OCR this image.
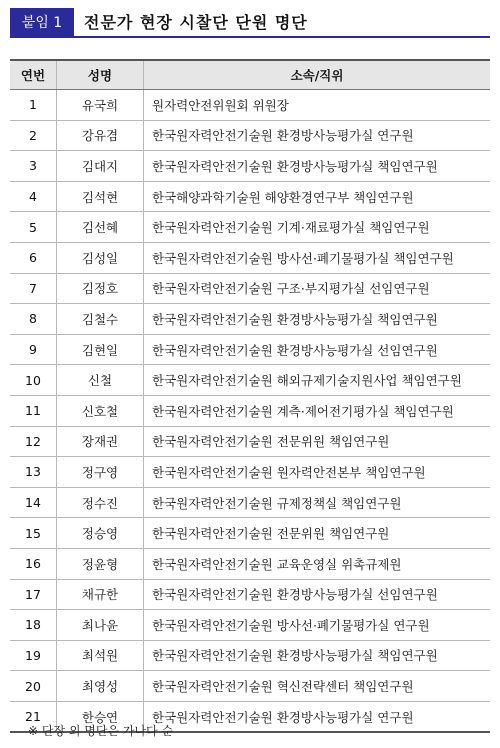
붙임 1	전문가 현장 시찰단 단원 명단
연번	성명	소속/직위
1	유국희	원자력안전위원회 위원장
2	강유겸	한국원자력안전기술원 환경방사능평가실 연구원
3	김대지	한국원자력안전기술원 환경방사능평가실 책임연구원
4	김석현	한국해양과학기술원 해양환경연구부 책임연구원
5	김선혜	한국원자력안전기술원 기계·재료평가실 책임연구원
6	김성일	한국원자력안전기술원 방사선·폐기물평가실 책임연구원
7	김정호	한국원자력안전기술원 구조·부지평가실 선임연구원
8	김철수	한국원자력안전기술원 환경방사능평가실 책임연구원
9	김현일	한국원자력안전기술원 환경방사능평가실 선임연구원
10	신철	한국원자력안전기술원 해외규제기술지원사업 책임연구원
11	신호철	한국원자력안전기술원 계측·제어전기평가실 책임연구원
12	장재권	한국원자력안전기술원 전문위원 책임연구원
13	정구영	한국원자력안전기술원 원자력안전본부 책임연구원
14	정수진	한국원자력안전기술원 규제정책실 책임연구원
15	정승영	한국원자력안전기술원 전문위원 책임연구원
16	정윤형	한국원자력안전기술원 교육운영실 위촉규제원
17	채규한	한국원자력안전기술원 환경방사능평가실 선임연구원
18	최나윤	한국원자력안전기술원 방사선·폐기물평가실 연구원
19	최석원	한국원자력안전기술원 환경방사능평가실 책임연구원
20	최영성	한국원자력안전기술원 혁신전략센터 책임연구원
21	한승연	한국원자력안전기술원 환경방사능평가실 연구원
※ 단장 외 명단은 가나다 순
